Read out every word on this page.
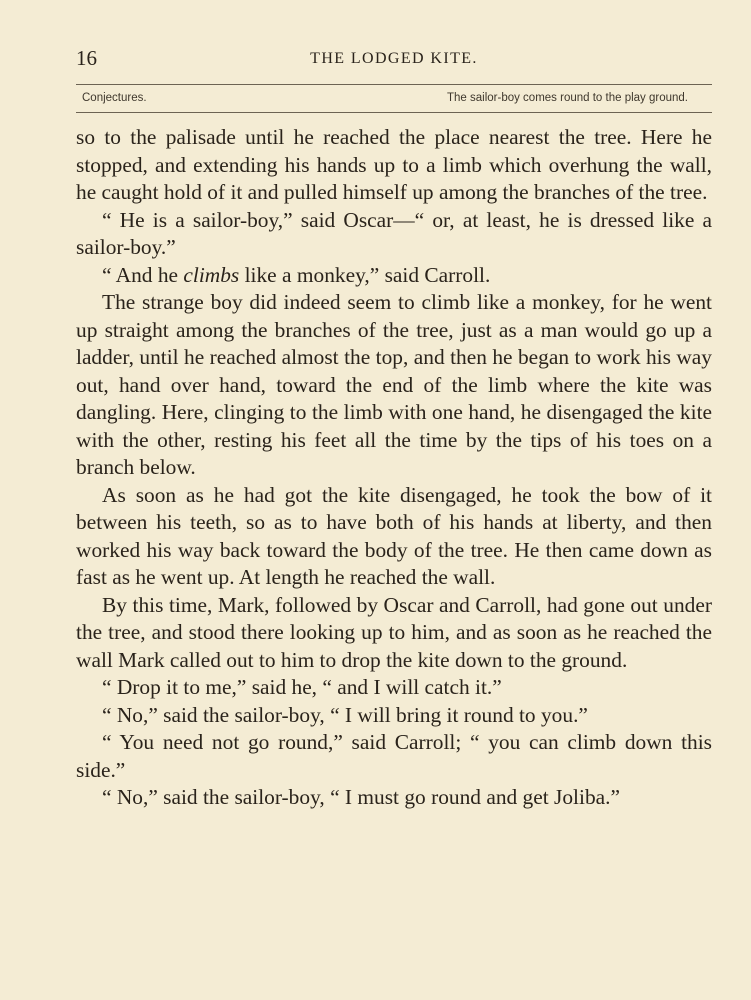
16	THE LODGED KITE.
Conjectures.	The sailor-boy comes round to the play ground.

so to the palisade until he reached the place nearest the tree. Here he stopped, and extending his hands up to a limb which overhung the wall, he caught hold of it and pulled himself up among the branches of the tree.

“ He is a sailor-boy,” said Oscar—“ or, at least, he is dressed like a sailor-boy.”

“ And he climbs like a monkey,” said Carroll.

The strange boy did indeed seem to climb like a monkey, for he went up straight among the branches of the tree, just as a man would go up a ladder, until he reached almost the top, and then he began to work his way out, hand over hand, toward the end of the limb where the kite was dangling. Here, clinging to the limb with one hand, he disengaged the kite with the other, resting his feet all the time by the tips of his toes on a branch below.

As soon as he had got the kite disengaged, he took the bow of it between his teeth, so as to have both of his hands at liberty, and then worked his way back toward the body of the tree. He then came down as fast as he went up. At length he reached the wall.

By this time, Mark, followed by Oscar and Carroll, had gone out under the tree, and stood there looking up to him, and as soon as he reached the wall Mark called out to him to drop the kite down to the ground.

“ Drop it to me,” said he, “ and I will catch it.”

“ No,” said the sailor-boy, “ I will bring it round to you.”

“ You need not go round,” said Carroll; “ you can climb down this side.”

“ No,” said the sailor-boy, “ I must go round and get Joliba.”
